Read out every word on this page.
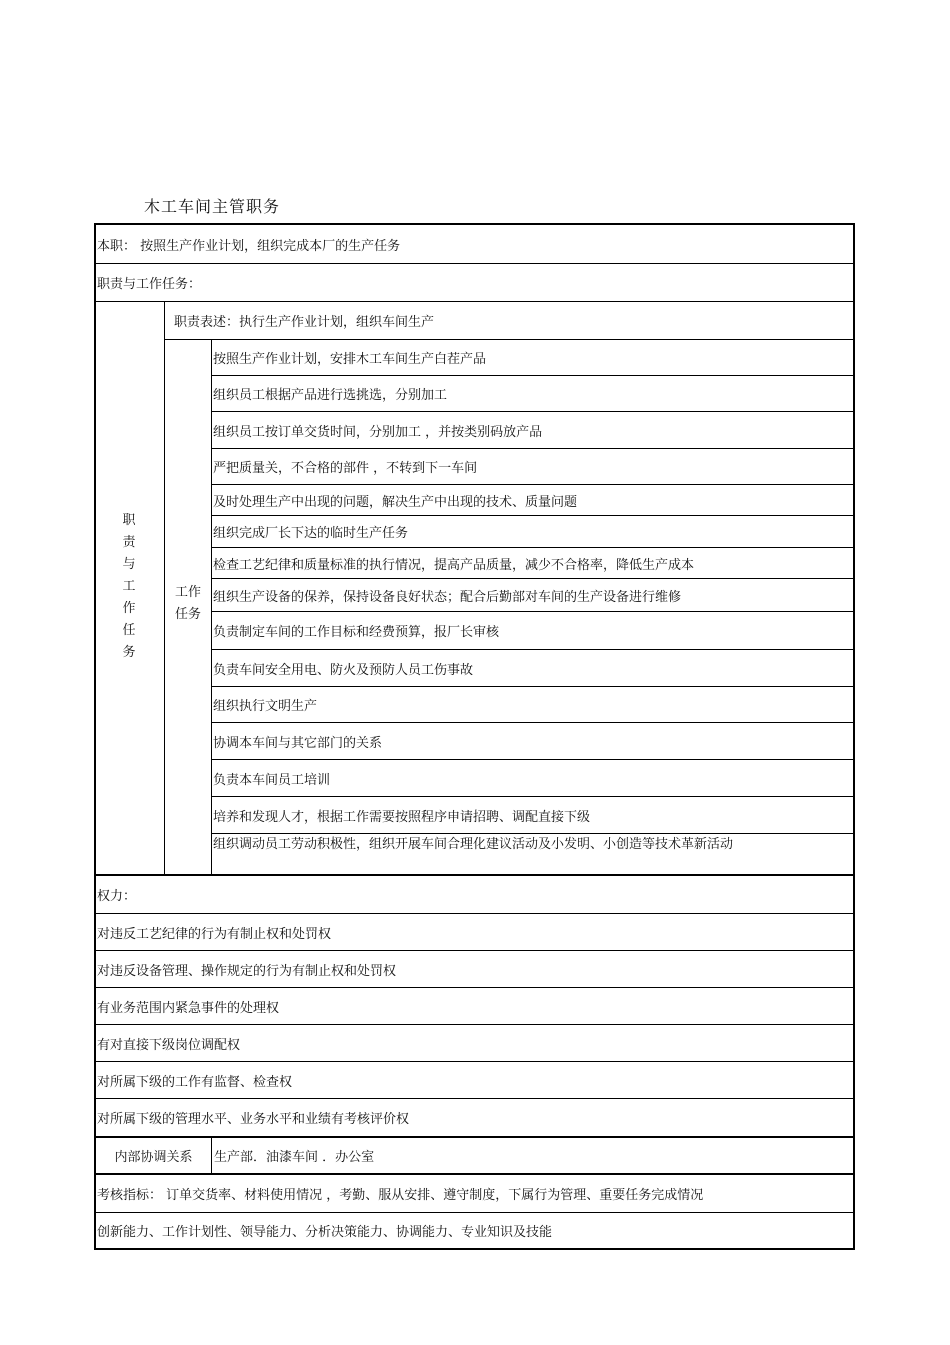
木工车间主管职务
本职： 按照生产作业计划，组织完成本厂的生产任务
职责与工作任务：
职
责
与
工
作
任
务
职责表述：执行生产作业计划，组织车间生产
工作
任务
按照生产作业计划，安排木工车间生产白茬产品
组织员工根据产品进行选挑选，分别加工
组织员工按订单交货时间，分别加工 ，并按类别码放产品
严把质量关，不合格的部件 ，不转到下一车间
及时处理生产中出现的问题，解决生产中出现的技术、质量问题
组织完成厂长下达的临时生产任务
检查工艺纪律和质量标准的执行情况，提高产品质量，减少不合格率，降低生产成本
组织生产设备的保养，保持设备良好状态；配合后勤部对车间的生产设备进行维修
负责制定车间的工作目标和经费预算，报厂长审核
负责车间安全用电、防火及预防人员工伤事故
组织执行文明生产
协调本车间与其它部门的关系
负责本车间员工培训
培养和发现人才，根据工作需要按照程序申请招聘、调配直接下级
组织调动员工劳动积极性，组织开展车间合理化建议活动及小发明、小创造等技术革新活动
权力：
对违反工艺纪律的行为有制止权和处罚权
对违反设备管理、操作规定的行为有制止权和处罚权
有业务范围内紧急事件的处理权
有对直接下级岗位调配权
对所属下级的工作有监督、检查权
对所属下级的管理水平、业务水平和业绩有考核评价权
内部协调关系 生产部．油漆车间 ．办公室
考核指标： 订单交货率、材料使用情况 ，考勤、服从安排、遵守制度，下属行为管理、重要任务完成情况
创新能力、工作计划性、领导能力、分析决策能力、协调能力、专业知识及技能
